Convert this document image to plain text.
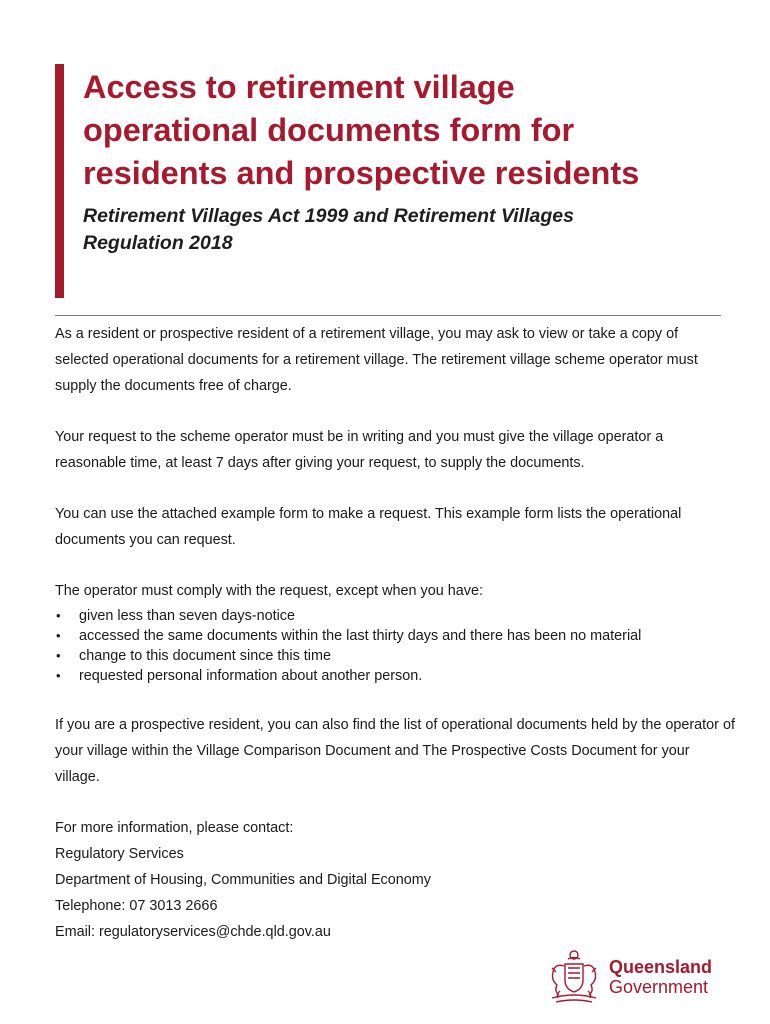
Access to retirement village
operational documents form for
residents and prospective residents
Retirement Villages Act 1999 and Retirement Villages
Regulation 2018

As a resident or prospective resident of a retirement village, you may ask to view or take a copy of selected operational documents for a retirement village. The retirement village scheme operator must supply the documents free of charge.

Your request to the scheme operator must be in writing and you must give the village operator a reasonable time, at least 7 days after giving your request, to supply the documents.

You can use the attached example form to make a request. This example form lists the operational documents you can request.

The operator must comply with the request, except when you have:

• given less than seven days-notice
• accessed the same documents within the last thirty days and there has been no material
• change to this document since this time
• requested personal information about another person.

If you are a prospective resident, you can also find the list of operational documents held by the operator of your village within the Village Comparison Document and The Prospective Costs Document for your village.

For more information, please contact:
Regulatory Services
Department of Housing, Communities and Digital Economy
Telephone: 07 3013 2666
Email: regulatoryservices@chde.qld.gov.au
Queensland
Government
